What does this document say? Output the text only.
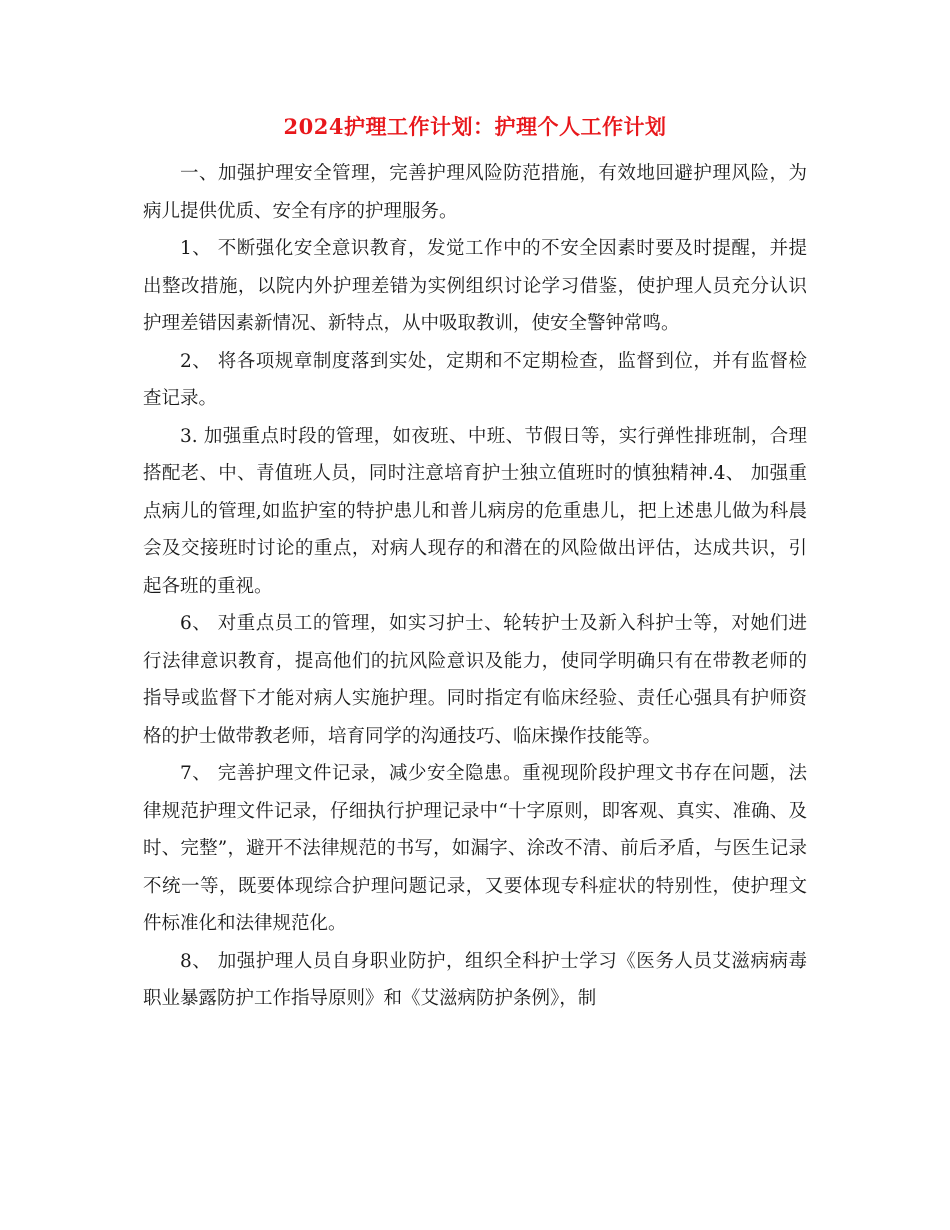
2024护理工作计划：护理个人工作计划

一、加强护理安全管理，完善护理风险防范措施，有效地回避护理风险，为病儿提供优质、安全有序的护理服务。

1、 不断强化安全意识教育，发觉工作中的不安全因素时要及时提醒，并提出整改措施，以院内外护理差错为实例组织讨论学习借鉴，使护理人员充分认识护理差错因素新情况、新特点，从中吸取教训，使安全警钟常鸣。

2、 将各项规章制度落到实处，定期和不定期检查，监督到位，并有监督检查记录。

3. 加强重点时段的管理，如夜班、中班、节假日等，实行弹性排班制，合理搭配老、中、青值班人员，同时注意培育护士独立值班时的慎独精神.4、 加强重点病儿的管理,如监护室的特护患儿和普儿病房的危重患儿，把上述患儿做为科晨会及交接班时讨论的重点，对病人现存的和潜在的风险做出评估，达成共识，引起各班的重视。

6、 对重点员工的管理，如实习护士、轮转护士及新入科护士等，对她们进行法律意识教育，提高他们的抗风险意识及能力，使同学明确只有在带教老师的指导或监督下才能对病人实施护理。同时指定有临床经验、责任心强具有护师资格的护士做带教老师，培育同学的沟通技巧、临床操作技能等。

7、 完善护理文件记录，减少安全隐患。重视现阶段护理文书存在问题，法律规范护理文件记录，仔细执行护理记录中“十字原则，即客观、真实、准确、及时、完整”，避开不法律规范的书写，如漏字、涂改不清、前后矛盾，与医生记录不统一等，既要体现综合护理问题记录，又要体现专科症状的特别性，使护理文件标准化和法律规范化。

8、 加强护理人员自身职业防护，组织全科护士学习《医务人员艾滋病病毒职业暴露防护工作指导原则》和《艾滋病防护条例》，制
